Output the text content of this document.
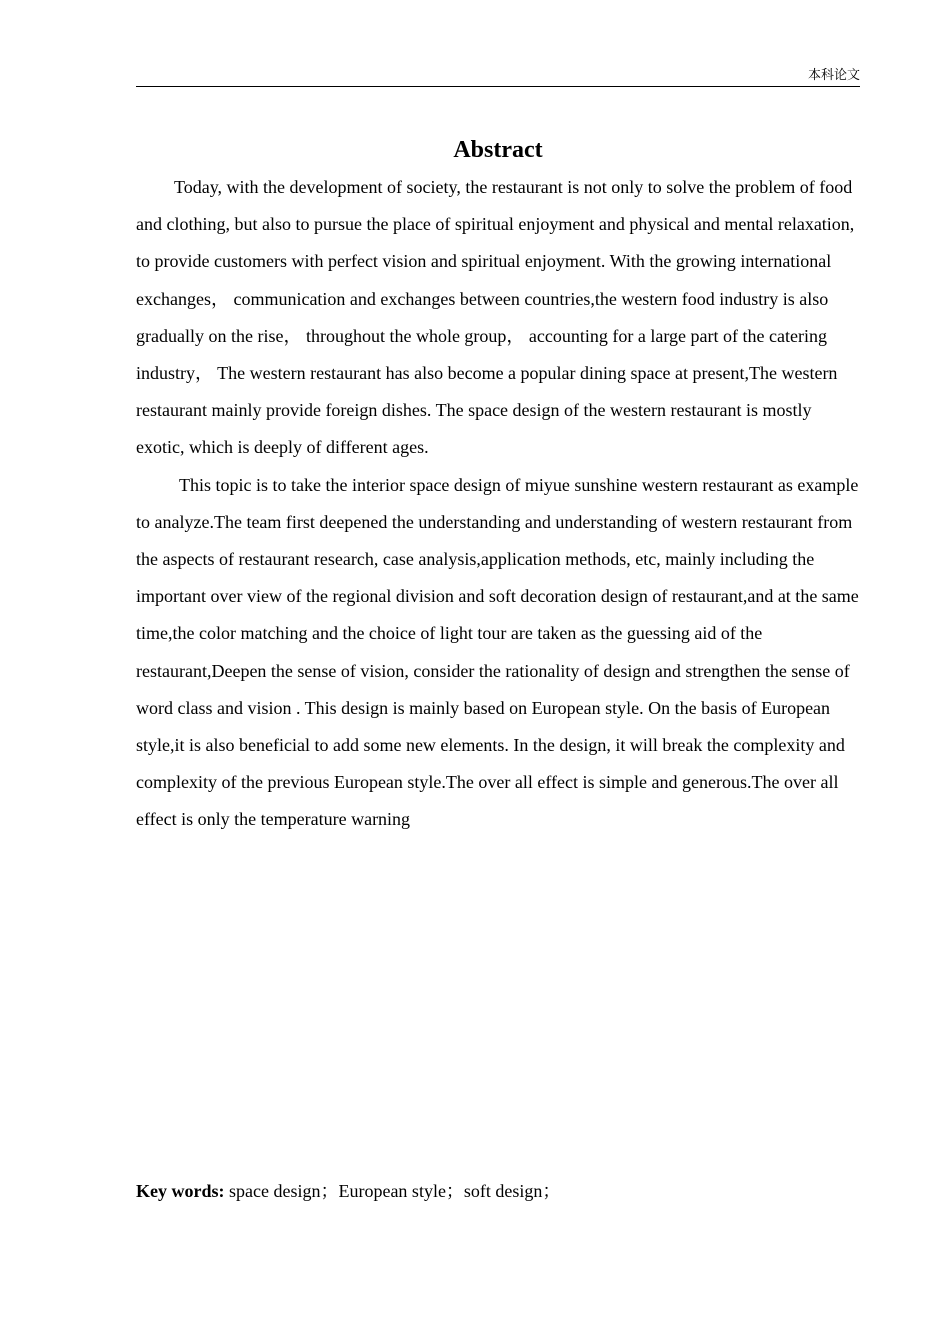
本科论文
Abstract

Today, with the development of society, the restaurant is not only to solve the problem of food and clothing, but also to pursue the place of spiritual enjoyment and physical and mental relaxation, to provide customers with perfect vision and spiritual enjoyment. With the growing international exchanges， communication and exchanges between countries,the western food industry is also gradually on the rise， throughout the whole group， accounting for a large part of the catering industry， The western restaurant has also become a popular dining space at present,The western restaurant mainly provide foreign dishes. The space design of the western restaurant is mostly exotic, which is deeply of different ages.

This topic is to take the interior space design of miyue sunshine western restaurant as example to analyze.The team first deepened the understanding and understanding of western restaurant from the aspects of restaurant research, case analysis,application methods, etc, mainly including the important over view of the regional division and soft decoration design of restaurant,and at the same time,the color matching and the choice of light tour are taken as the guessing aid of the restaurant,Deepen the sense of vision, consider the rationality of design and strengthen the sense of word class and vision . This design is mainly based on European style. On the basis of European style,it is also beneficial to add some new elements. In the design, it will break the complexity and complexity of the previous European style.The over all effect is simple and generous.The over all effect is only the temperature warning

Key words: space design；European style；soft design；
